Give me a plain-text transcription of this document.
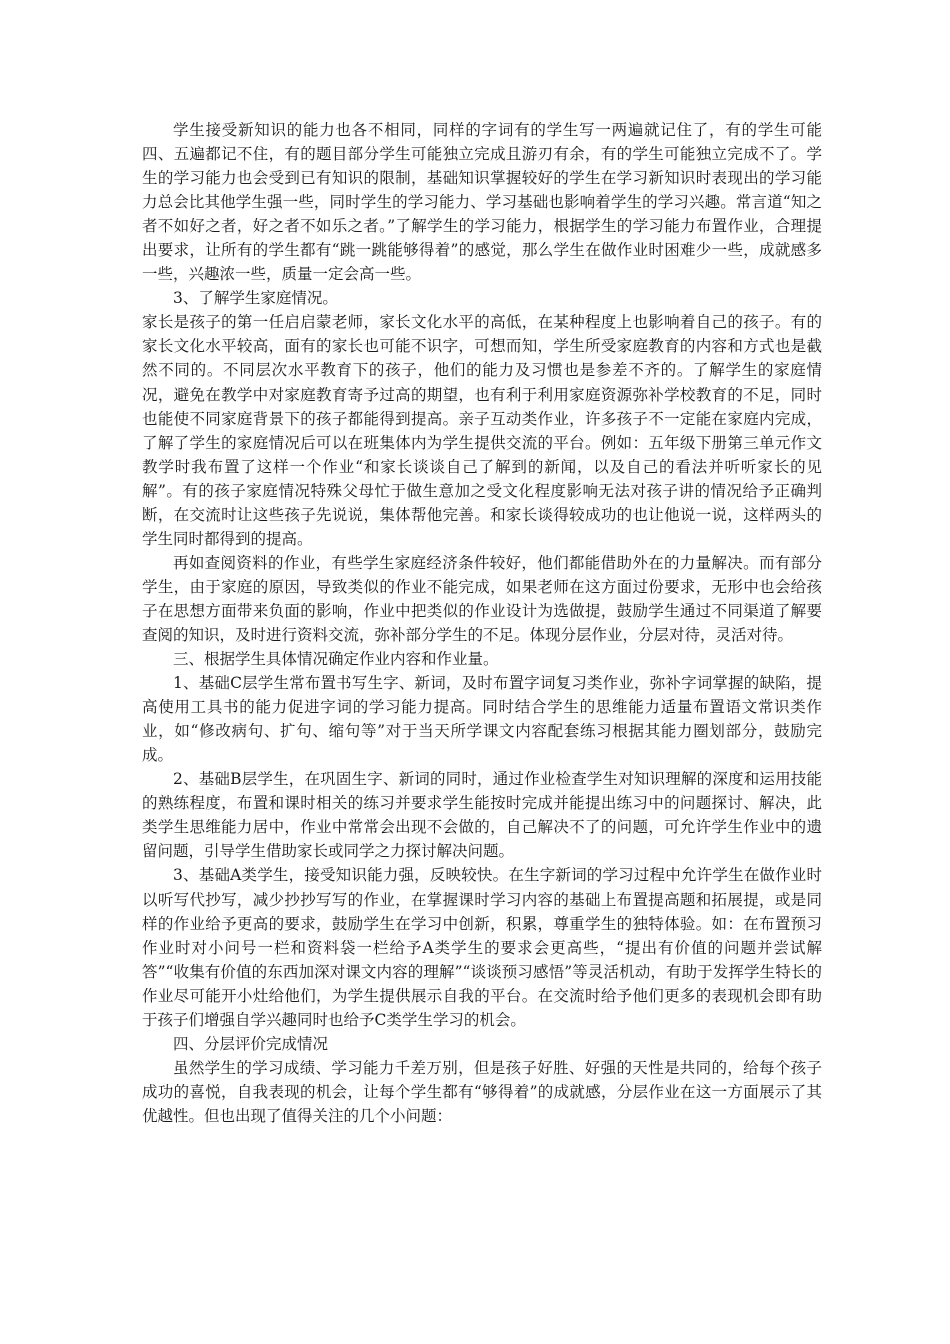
学生接受新知识的能力也各不相同，同样的字词有的学生写一两遍就记住了，有的学生可能四、五遍都记不住，有的题目部分学生可能独立完成且游刃有余，有的学生可能独立完成不了。学生的学习能力也会受到已有知识的限制，基础知识掌握较好的学生在学习新知识时表现出的学习能力总会比其他学生强一些，同时学生的学习能力、学习基础也影响着学生的学习兴趣。常言道“知之者不如好之者，好之者不如乐之者。”了解学生的学习能力，根据学生的学习能力布置作业，合理提出要求，让所有的学生都有“跳一跳能够得着”的感觉，那么学生在做作业时困难少一些，成就感多一些，兴趣浓一些，质量一定会高一些。

3、了解学生家庭情况。

家长是孩子的第一任启启蒙老师，家长文化水平的高低，在某种程度上也影响着自己的孩子。有的家长文化水平较高，面有的家长也可能不识字，可想而知，学生所受家庭教育的内容和方式也是截然不同的。不同层次水平教育下的孩子，他们的能力及习惯也是参差不齐的。了解学生的家庭情况，避免在教学中对家庭教育寄予过高的期望，也有利于利用家庭资源弥补学校教育的不足，同时也能使不同家庭背景下的孩子都能得到提高。亲子互动类作业，许多孩子不一定能在家庭内完成，了解了学生的家庭情况后可以在班集体内为学生提供交流的平台。例如：五年级下册第三单元作文教学时我布置了这样一个作业“和家长谈谈自己了解到的新闻，以及自己的看法并听听家长的见解”。有的孩子家庭情况特殊父母忙于做生意加之受文化程度影响无法对孩子讲的情况给予正确判断，在交流时让这些孩子先说说，集体帮他完善。和家长谈得较成功的也让他说一说，这样两头的学生同时都得到的提高。

再如查阅资料的作业，有些学生家庭经济条件较好，他们都能借助外在的力量解决。而有部分学生，由于家庭的原因，导致类似的作业不能完成，如果老师在这方面过份要求，无形中也会给孩子在思想方面带来负面的影响，作业中把类似的作业设计为选做提，鼓励学生通过不同渠道了解要查阅的知识，及时进行资料交流，弥补部分学生的不足。体现分层作业，分层对待，灵活对待。

三、根据学生具体情况确定作业内容和作业量。

1、基础C层学生常布置书写生字、新词，及时布置字词复习类作业，弥补字词掌握的缺陷，提高使用工具书的能力促进字词的学习能力提高。同时结合学生的思维能力适量布置语文常识类作业，如“修改病句、扩句、缩句等”对于当天所学课文内容配套练习根据其能力圈划部分，鼓励完成。

2、基础B层学生，在巩固生字、新词的同时，通过作业检查学生对知识理解的深度和运用技能的熟练程度，布置和课时相关的练习并要求学生能按时完成并能提出练习中的问题探讨、解决，此类学生思维能力居中，作业中常常会出现不会做的，自己解决不了的问题，可允许学生作业中的遗留问题，引导学生借助家长或同学之力探讨解决问题。

3、基础A类学生，接受知识能力强，反映较快。在生字新词的学习过程中允许学生在做作业时以听写代抄写，减少抄抄写写的作业，在掌握课时学习内容的基础上布置提高题和拓展提，或是同样的作业给予更高的要求，鼓励学生在学习中创新，积累，尊重学生的独特体验。如：在布置预习作业时对小问号一栏和资料袋一栏给予A类学生的要求会更高些，“提出有价值的问题并尝试解答”“收集有价值的东西加深对课文内容的理解”“谈谈预习感悟”等灵活机动，有助于发挥学生特长的作业尽可能开小灶给他们，为学生提供展示自我的平台。在交流时给予他们更多的表现机会即有助于孩子们增强自学兴趣同时也给予C类学生学习的机会。

四、分层评价完成情况

虽然学生的学习成绩、学习能力千差万别，但是孩子好胜、好强的天性是共同的，给每个孩子成功的喜悦，自我表现的机会，让每个学生都有“够得着”的成就感，分层作业在这一方面展示了其优越性。但也出现了值得关注的几个小问题：
